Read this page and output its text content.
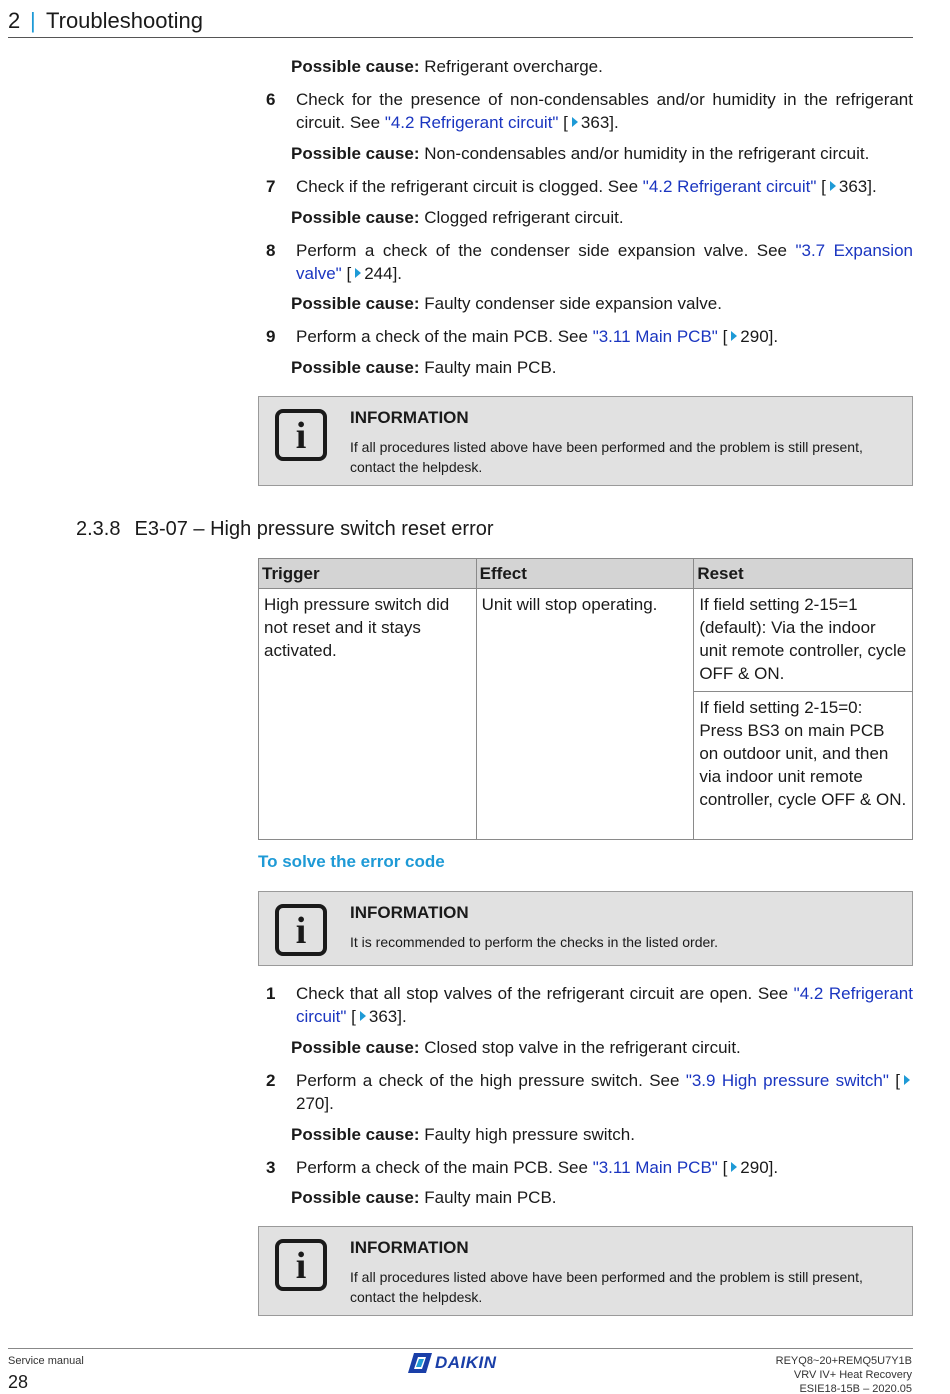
2 | Troubleshooting
Possible cause: Refrigerant overcharge.
6 Check for the presence of non-condensables and/or humidity in the refrigerant circuit. See "4.2 Refrigerant circuit" [ 363].
Possible cause: Non-condensables and/or humidity in the refrigerant circuit.
7 Check if the refrigerant circuit is clogged. See "4.2 Refrigerant circuit" [ 363].
Possible cause: Clogged refrigerant circuit.
8 Perform a check of the condenser side expansion valve. See "3.7 Expansion valve" [ 244].
Possible cause: Faulty condenser side expansion valve.
9 Perform a check of the main PCB. See "3.11 Main PCB" [ 290].
Possible cause: Faulty main PCB.
i	INFORMATION
If all procedures listed above have been performed and the problem is still present, contact the helpdesk.
2.3.8 E3-07 – High pressure switch reset error
Trigger	Effect	Reset
High pressure switch did not reset and it stays activated.	Unit will stop operating.	If field setting 2-15=1 (default): Via the indoor unit remote controller, cycle OFF & ON.
		If field setting 2-15=0: Press BS3 on main PCB on outdoor unit, and then via indoor unit remote controller, cycle OFF & ON.
To solve the error code
i	INFORMATION
It is recommended to perform the checks in the listed order.
1 Check that all stop valves of the refrigerant circuit are open. See "4.2 Refrigerant circuit" [ 363].
Possible cause: Closed stop valve in the refrigerant circuit.
2 Perform a check of the high pressure switch. See "3.9 High pressure switch" [270].
Possible cause: Faulty high pressure switch.
3 Perform a check of the main PCB. See "3.11 Main PCB" [ 290].
Possible cause: Faulty main PCB.
i	INFORMATION
If all procedures listed above have been performed and the problem is still present, contact the helpdesk.
Service manual
28
DAIKIN	REYQ8~20+REMQ5U7Y1B
VRV IV+ Heat Recovery
ESIE18-15B – 2020.05
